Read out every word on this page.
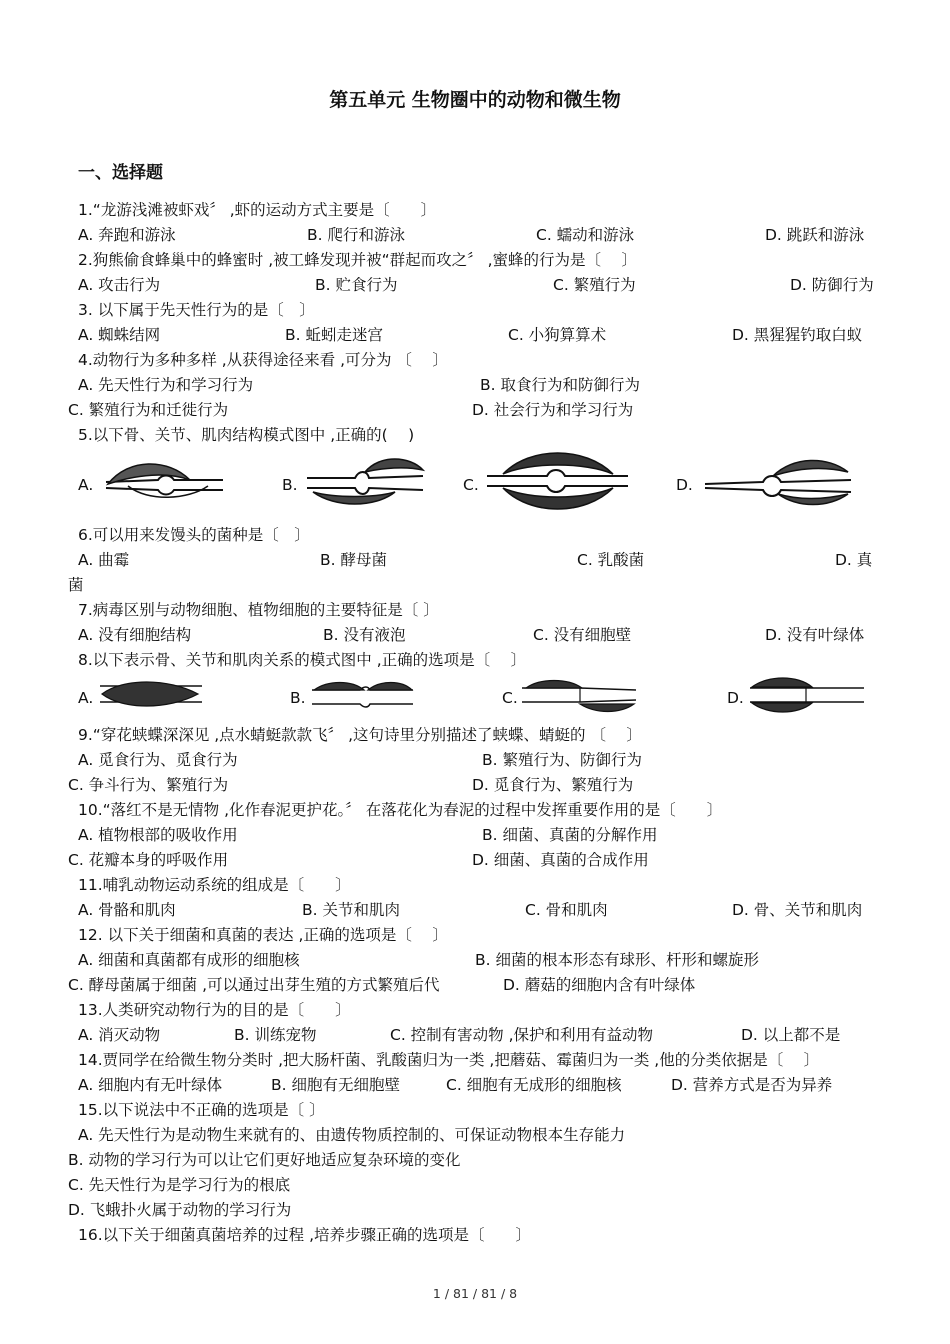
第五单元 生物圈中的动物和微生物
一、选择题
1.“龙游浅滩被虾戏〞 ,虾的运动方式主要是〔　　〕
A. 奔跑和游泳	B. 爬行和游泳	C. 蠕动和游泳	D. 跳跃和游泳
2.狗熊偷食蜂巢中的蜂蜜时 ,被工蜂发现并被“群起而攻之〞 ,蜜蜂的行为是〔　 〕
A. 攻击行为	B. 贮食行为	C. 繁殖行为	D. 防御行为
3. 以下属于先天性行为的是〔　〕
A. 蜘蛛结网	B. 蚯蚓走迷宫	C. 小狗算算术	D. 黑猩猩钓取白蚁
4.动物行为多种多样 ,从获得途径来看 ,可分为 〔　 〕
A. 先天性行为和学习行为	B. 取食行为和防御行为
C. 繁殖行为和迁徙行为	D. 社会行为和学习行为
5.以下骨、关节、肌肉结构模式图中 ,正确的(　 )
A.	B.	C.	D.
6.可以用来发馒头的菌种是〔　〕
A. 曲霉	B. 酵母菌	C. 乳酸菌	D. 真
菌
7.病毒区别与动物细胞、植物细胞的主要特征是〔 〕
A. 没有细胞结构	B. 没有液泡	C. 没有细胞壁	D. 没有叶绿体
8.以下表示骨、关节和肌肉关系的模式图中 ,正确的选项是〔　 〕
A.	B.	C.	D.
9.“穿花蛱蝶深深见 ,点水蜻蜓款款飞〞 ,这句诗里分别描述了蛱蝶、蜻蜓的 〔　 〕
A. 觅食行为、觅食行为	B. 繁殖行为、防御行为
C. 争斗行为、繁殖行为	D. 觅食行为、繁殖行为
10.“落红不是无情物 ,化作春泥更护花。〞 在落花化为春泥的过程中发挥重要作用的是〔　　〕
A. 植物根部的吸收作用	B. 细菌、真菌的分解作用
C. 花瓣本身的呼吸作用	D. 细菌、真菌的合成作用
11.哺乳动物运动系统的组成是〔　　〕
A. 骨骼和肌肉	B. 关节和肌肉	C. 骨和肌肉	D. 骨、关节和肌肉
12. 以下关于细菌和真菌的表达 ,正确的选项是〔　 〕
A. 细菌和真菌都有成形的细胞核	B. 细菌的根本形态有球形、杆形和螺旋形
C. 酵母菌属于细菌 ,可以通过出芽生殖的方式繁殖后代	D. 蘑菇的细胞内含有叶绿体
13.人类研究动物行为的目的是〔　　〕
A. 消灭动物	B. 训练宠物	C. 控制有害动物 ,保护和利用有益动物	D. 以上都不是
14.贾同学在给微生物分类时 ,把大肠杆菌、乳酸菌归为一类 ,把蘑菇、霉菌归为一类 ,他的分类依据是〔　 〕
A. 细胞内有无叶绿体	B. 细胞有无细胞壁	C. 细胞有无成形的细胞核	D. 营养方式是否为异养
15.以下说法中不正确的选项是〔 〕
A. 先天性行为是动物生来就有的、由遗传物质控制的、可保证动物根本生存能力
B. 动物的学习行为可以让它们更好地适应复杂环境的变化
C. 先天性行为是学习行为的根底
D. 飞蛾扑火属于动物的学习行为
16.以下关于细菌真菌培养的过程 ,培养步骤正确的选项是〔　　〕
1 / 81 / 81 / 8
